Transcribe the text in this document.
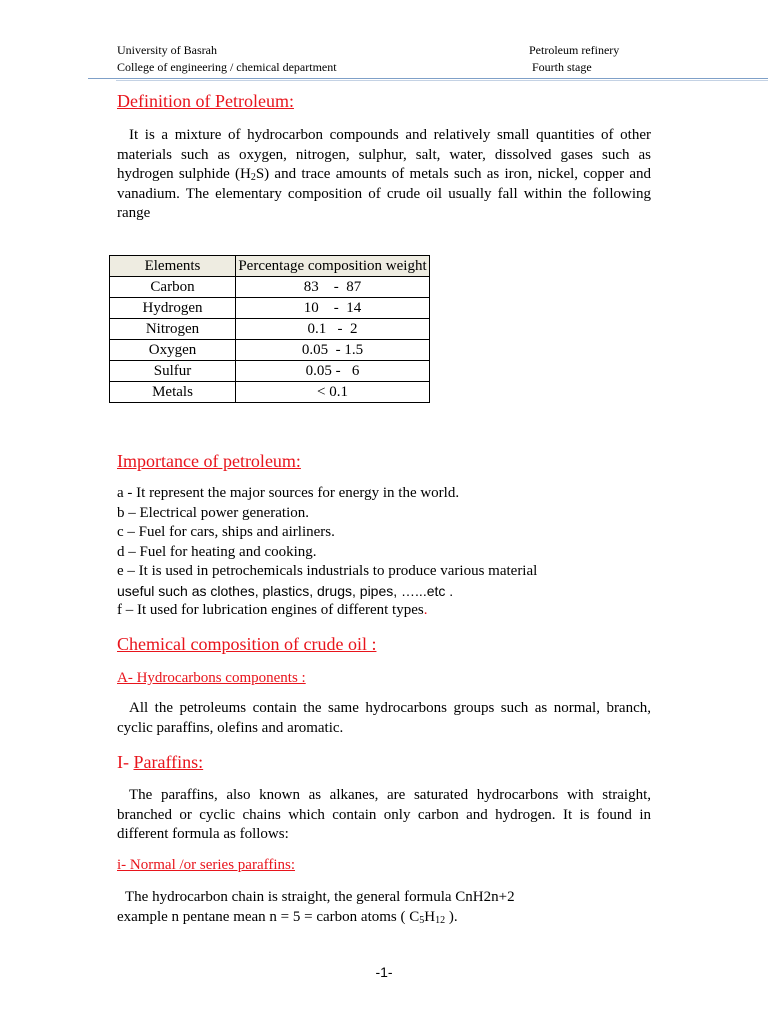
University of Basrah
College of engineering / chemical department
Petroleum refinery
Fourth stage
Definition of Petroleum:
It is a mixture of hydrocarbon compounds and relatively small quantities of other materials such as oxygen, nitrogen, sulphur, salt, water, dissolved gases such as hydrogen sulphide $(H_2S)$ and trace amounts of metals such as iron, nickel, copper and vanadium. The elementary composition of crude oil usually fall within the following range
Elements	Percentage composition weight
Carbon	83    -  87
Hydrogen	10    -  14
Nitrogen	0.1   -  2
Oxygen	0.05  - 1.5
Sulfur	0.05 -   6
Metals	< 0.1
Importance of petroleum:
a - It represent the major sources for energy in the world.
b – Electrical power generation.
c – Fuel for cars, ships and airliners.
d – Fuel for heating and cooking.
e – It is used in petrochemicals industrials to produce various material
useful such as clothes, plastics, drugs, pipes, …...etc .
f – It used for lubrication engines of different types.
Chemical composition of crude oil :
A- Hydrocarbons components :
All the petroleums contain the same hydrocarbons groups such as normal, branch, cyclic paraffins, olefins and aromatic.
I- Paraffins:
The paraffins, also known as alkanes, are saturated hydrocarbons with straight, branched or cyclic chains which contain only carbon and hydrogen. It is found in different formula as follows:
i- Normal /or series paraffins:
The hydrocarbon chain is straight, the general formula CnH2n+2
example n pentane mean n = 5 = carbon atoms ( $C_5H_{12}$ ).
-1-
